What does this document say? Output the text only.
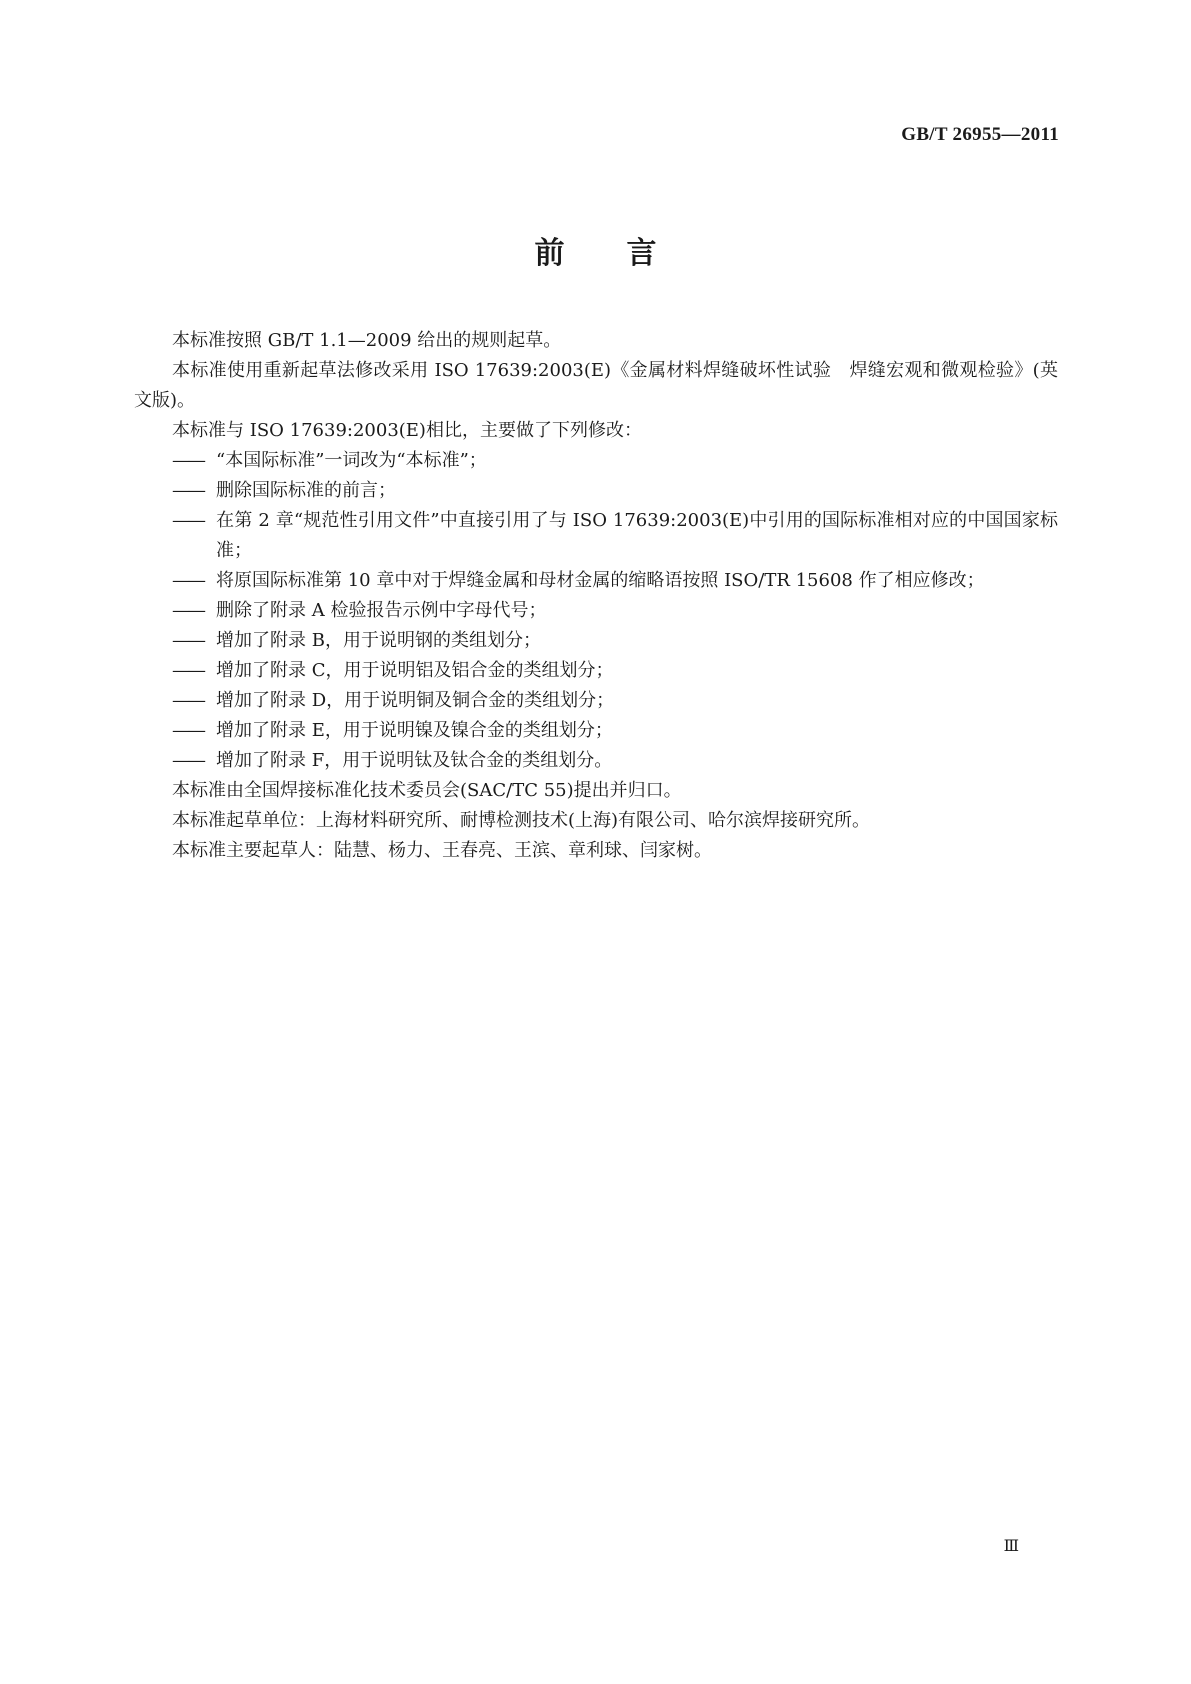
GB/T 26955—2011
前言

本标准按照 GB/T 1.1—2009 给出的规则起草。

本标准使用重新起草法修改采用 ISO 17639:2003(E)《金属材料焊缝破坏性试验　焊缝宏观和微观检验》(英文版)。

本标准与 ISO 17639:2003(E)相比，主要做了下列修改：

—— “本国际标准”一词改为“本标准”；

—— 删除国际标准的前言；

—— 在第 2 章“规范性引用文件”中直接引用了与 ISO 17639:2003(E)中引用的国际标准相对应的中国国家标准；

—— 将原国际标准第 10 章中对于焊缝金属和母材金属的缩略语按照 ISO/TR 15608 作了相应修改；

—— 删除了附录 A 检验报告示例中字母代号；

—— 增加了附录 B，用于说明钢的类组划分；

—— 增加了附录 C，用于说明铝及铝合金的类组划分；

—— 增加了附录 D，用于说明铜及铜合金的类组划分；

—— 增加了附录 E，用于说明镍及镍合金的类组划分；

—— 增加了附录 F，用于说明钛及钛合金的类组划分。

本标准由全国焊接标准化技术委员会(SAC/TC 55)提出并归口。

本标准起草单位：上海材料研究所、耐博检测技术(上海)有限公司、哈尔滨焊接研究所。

本标准主要起草人：陆慧、杨力、王春亮、王滨、章利球、闫家树。

Ⅲ
